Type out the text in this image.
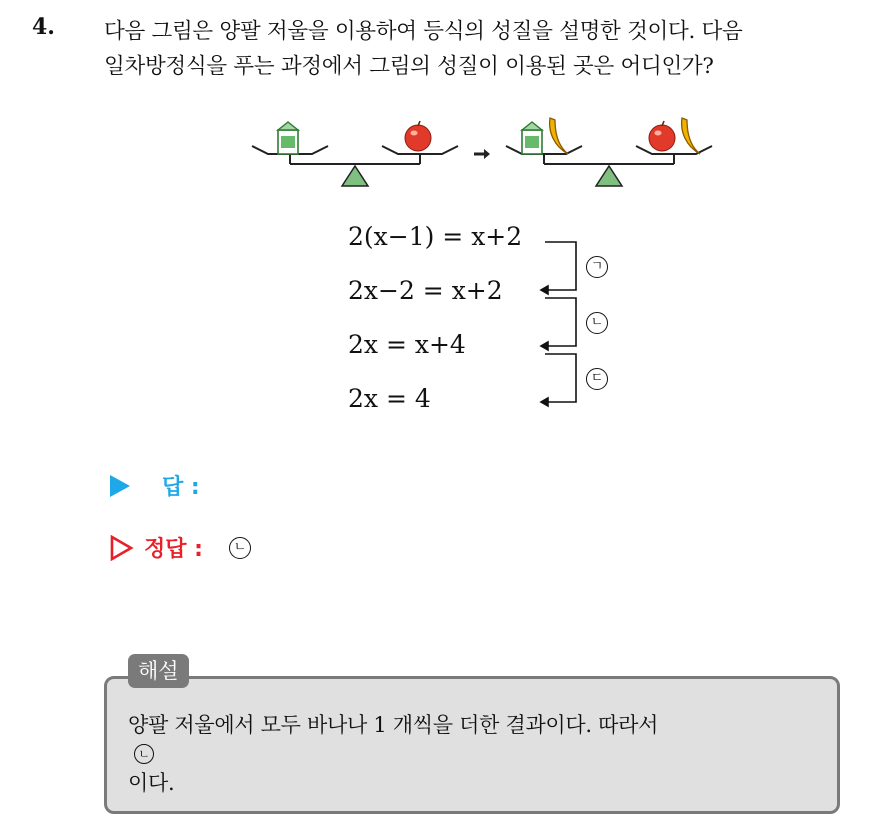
4. 다음 그림은 양팔 저울을 이용하여 등식의 성질을 설명한 것이다. 다음
일차방정식을 푸는 과정에서 그림의 성질이 이용된 곳은 어디인가?
2(x−1) = x+2
2x−2 = x+2
2x = x+4
2x = 4
ㄱ
ㄴ
ㄷ
답 :
정답 :	ㄴ
해설
양팔 저울에서 모두 바나나 1 개씩을 더한 결과이다. 따라서
ㄴ
이다.
